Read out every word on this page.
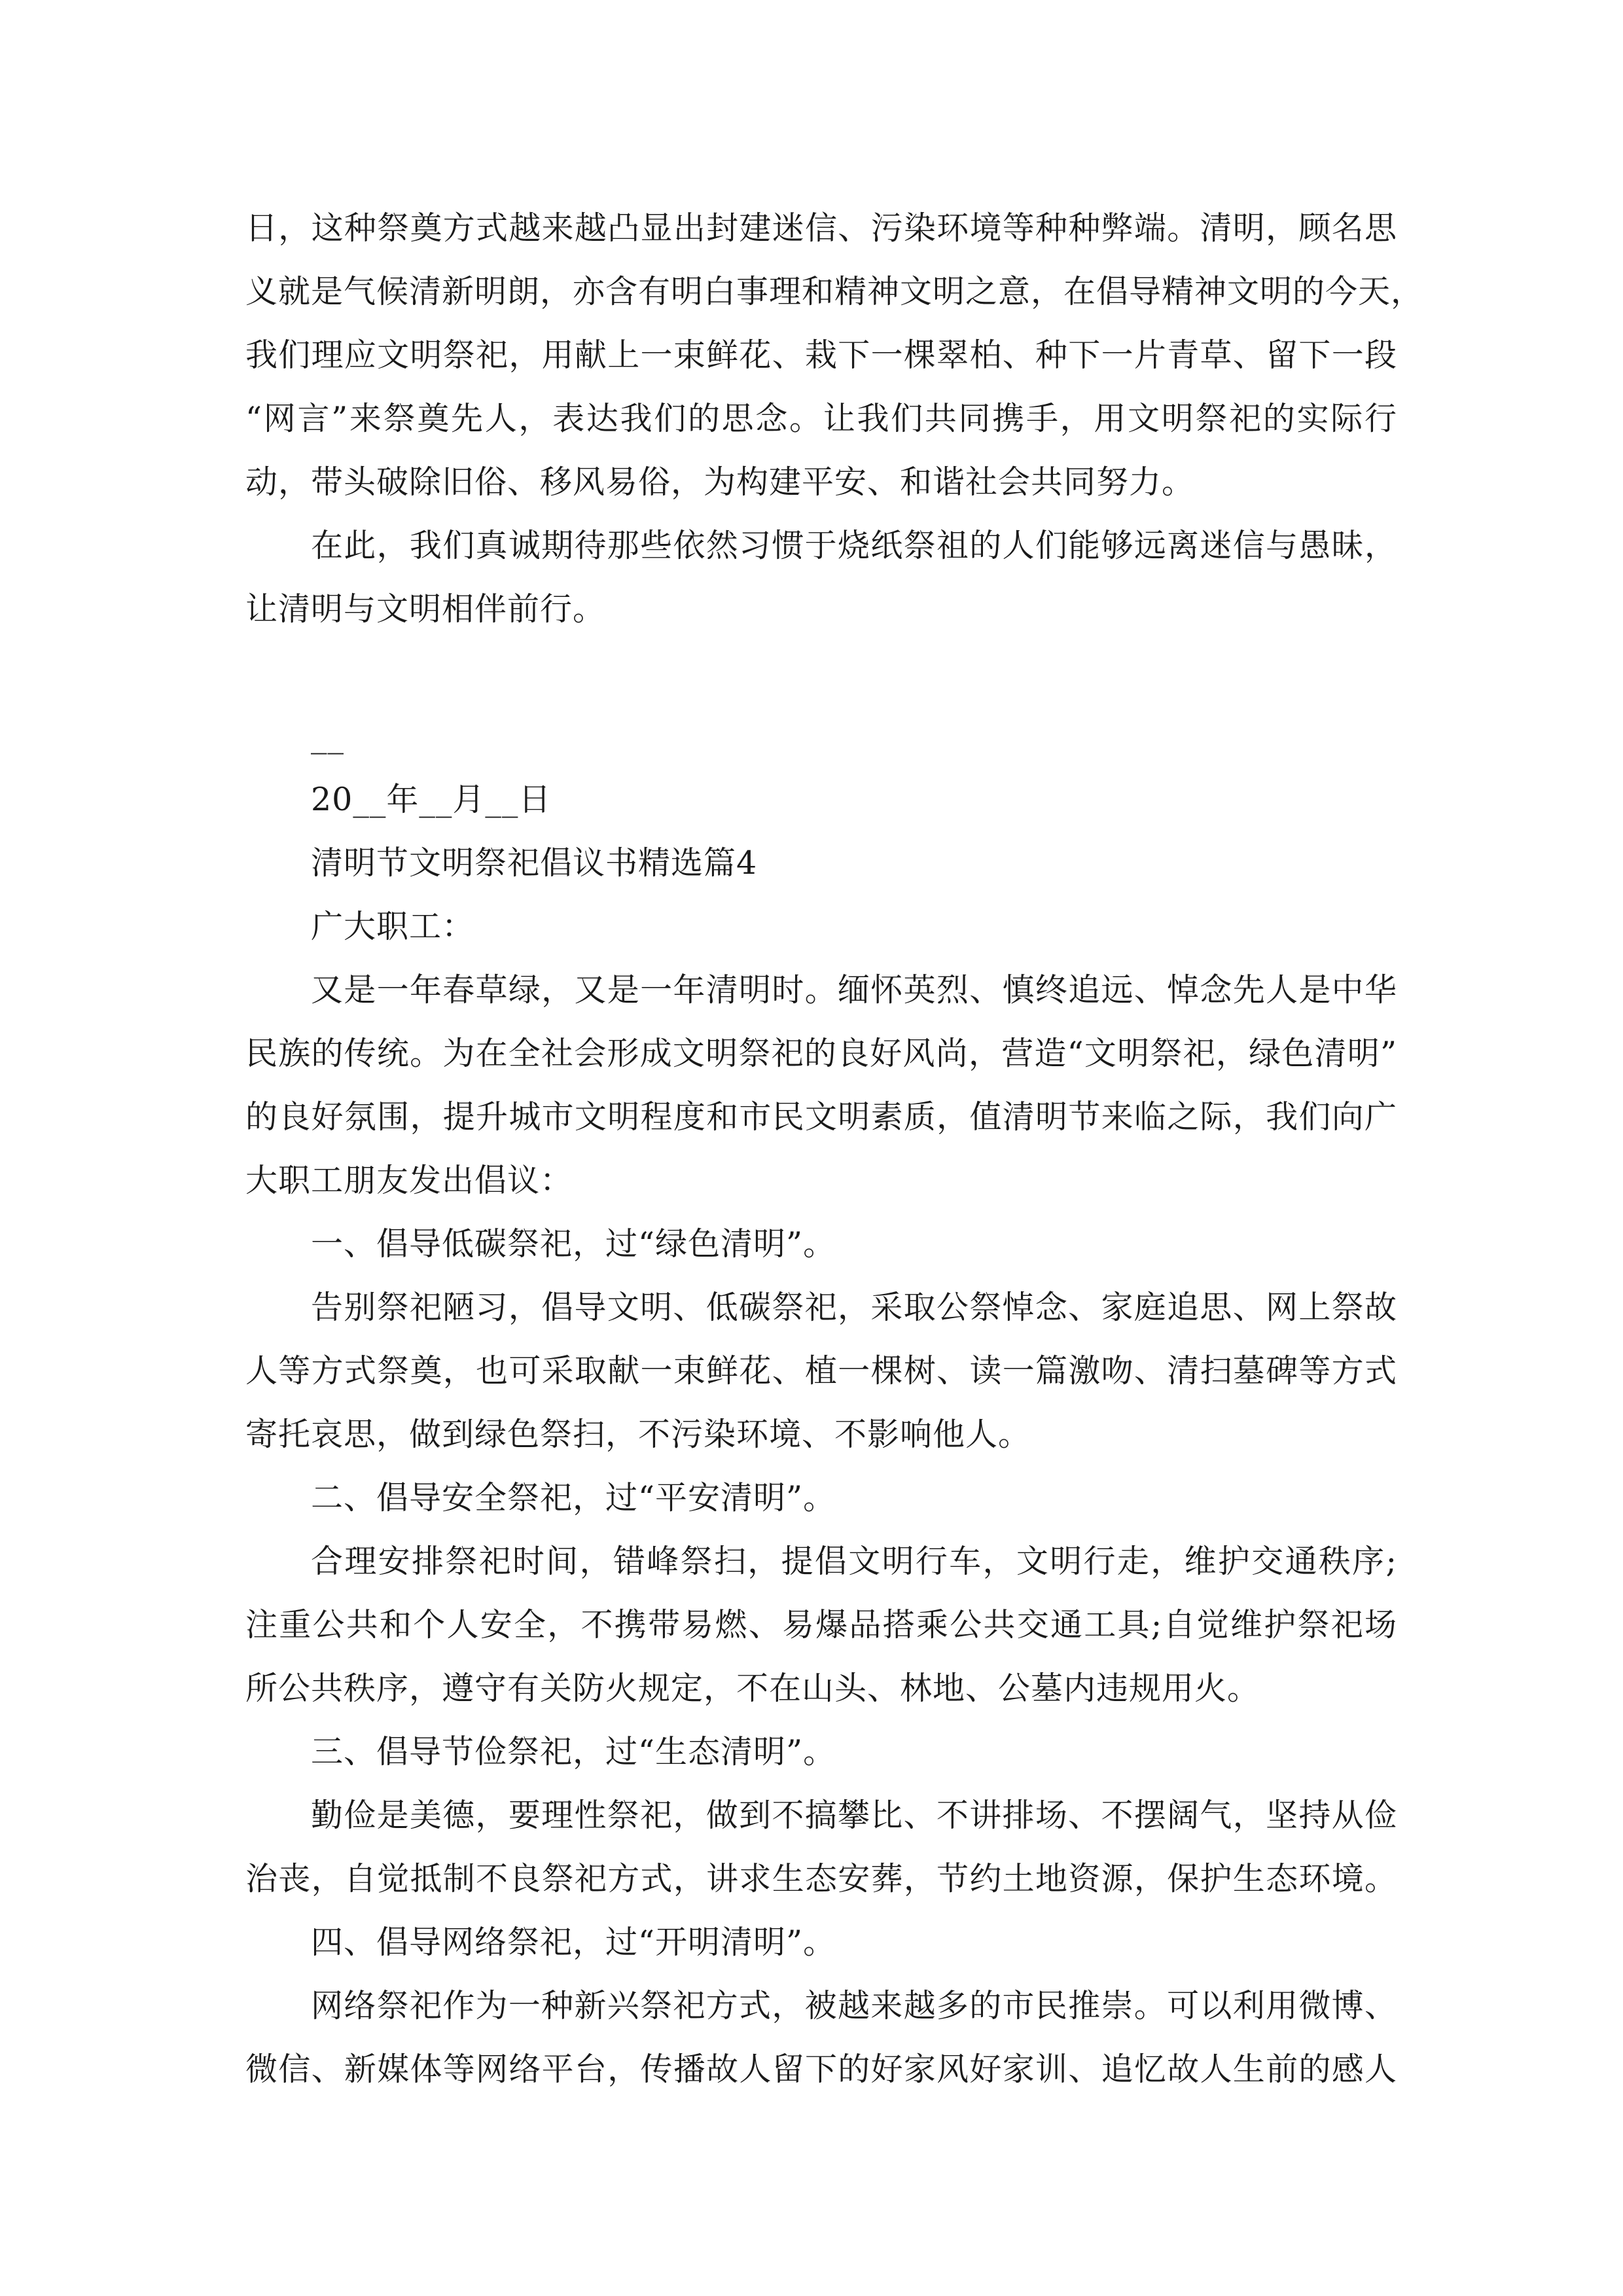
日，这种祭奠方式越来越凸显出封建迷信、污染环境等种种弊端。清明，顾名思
义就是气候清新明朗，亦含有明白事理和精神文明之意，在倡导精神文明的今天，
我们理应文明祭祀，用献上一束鲜花、栽下一棵翠柏、种下一片青草、留下一段
“网言”来祭奠先人，表达我们的思念。让我们共同携手，用文明祭祀的实际行
动，带头破除旧俗、移风易俗，为构建平安、和谐社会共同努力。
在此，我们真诚期待那些依然习惯于烧纸祭祖的人们能够远离迷信与愚昧，
让清明与文明相伴前行。
__
20__年__月__日
清明节文明祭祀倡议书精选篇4
广大职工：
又是一年春草绿，又是一年清明时。缅怀英烈、慎终追远、悼念先人是中华
民族的传统。为在全社会形成文明祭祀的良好风尚，营造“文明祭祀，绿色清明”
的良好氛围，提升城市文明程度和市民文明素质，值清明节来临之际，我们向广
大职工朋友发出倡议：
一、倡导低碳祭祀，过“绿色清明”。
告别祭祀陋习，倡导文明、低碳祭祀，采取公祭悼念、家庭追思、网上祭故
人等方式祭奠，也可采取献一束鲜花、植一棵树、读一篇激吻、清扫墓碑等方式
寄托哀思，做到绿色祭扫，不污染环境、不影响他人。
二、倡导安全祭祀，过“平安清明”。
合理安排祭祀时间，错峰祭扫，提倡文明行车，文明行走，维护交通秩序;
注重公共和个人安全，不携带易燃、易爆品搭乘公共交通工具;自觉维护祭祀场
所公共秩序，遵守有关防火规定，不在山头、林地、公墓内违规用火。
三、倡导节俭祭祀，过“生态清明”。
勤俭是美德，要理性祭祀，做到不搞攀比、不讲排场、不摆阔气，坚持从俭
治丧，自觉抵制不良祭祀方式，讲求生态安葬，节约土地资源，保护生态环境。
四、倡导网络祭祀，过“开明清明”。
网络祭祀作为一种新兴祭祀方式，被越来越多的市民推崇。可以利用微博、
微信、新媒体等网络平台，传播故人留下的好家风好家训、追忆故人生前的感人
